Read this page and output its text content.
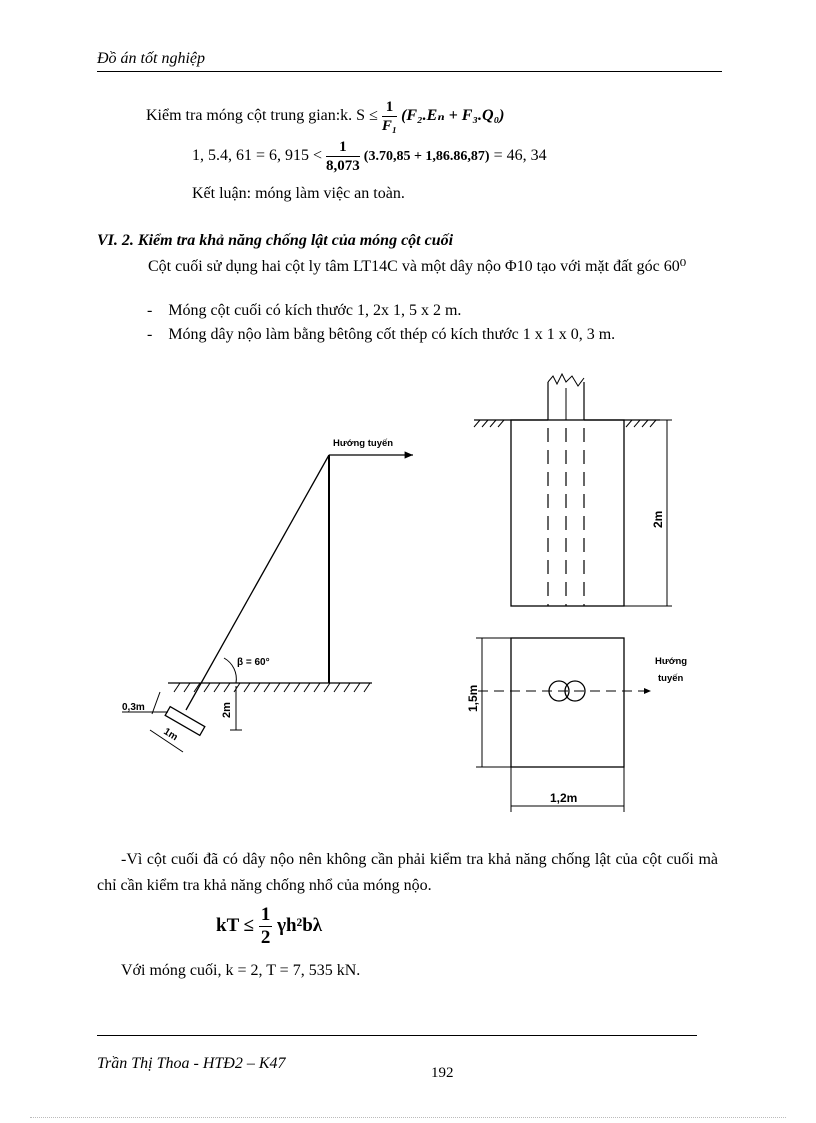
Đồ án tốt nghiệp
Kiểm tra móng cột trung gian:k. $S \le \frac{1}{\text{F₁}} (F_2.E_n + F_3.Q_0)$
1, 5.4, 61 = 6, $915 < \frac{1}{8,073} (3.70,85 + 1,86.86,87) = 46$, 34
Kết luận: móng làm việc an toàn.
VI. 2. Kiểm tra khả năng chống lật của móng cột cuối
Cột cuối sử dụng hai cột ly tâm LT14C và một dây nộo Φ10 tạo với mặt đất góc 60⁰
- Móng cột cuối có kích thước 1, 2x 1, 5 x 2 m.
- Móng dây nộo làm bằng bêtông cốt thép có kích thước 1 x 1 x 0, 3 m.
Hướng tuyến
β = 60°
2m
0,3m
1m
2m
Hướng
tuyến
1,5m
1,2m
-Vì cột cuối đã có dây nộo nên không cần phải kiểm tra khả năng chống lật của cột cuối mà chỉ cần kiểm tra khả năng chống nhổ của móng nộo.
kT ≤ $\frac{1}{2} \gamma h^2b\lambda$
Với móng cuối, k = 2, T = 7, 535 kN.
Trần Thị Thoa - HTĐ2 – K47
192
